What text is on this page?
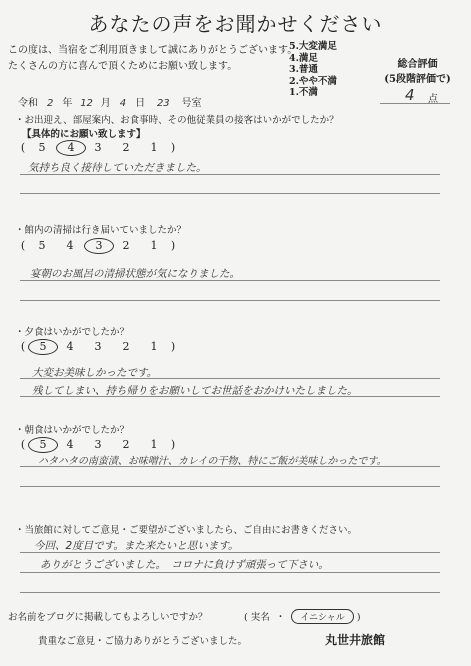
あなたの声をお聞かせください
この度は、当宿をご利用頂きまして誠にありがとうございます。
たくさんの方に喜んで頂くためにお願い致します。
5.大変満足
4.満足
3.普通
2.やや不満
1.不満
総合評価
(5段階評価で)
4 点
令和 2 年 12 月 4 日 23 号室
・お出迎え、部屋案内、お食事時、その他従業員の接客はいかがでしたか？
【具体的にお願い致します】
( 5 4 3 2 1 )
気持ち良く接待していただきました。
・館内の清掃は行き届いていましたか？
( 5 4 3 2 1 )
宴朝のお風呂の清掃状態が気になりました。
・夕食はいかがでしたか？
( 5 4 3 2 1 )
大変お美味しかったです。
残してしまい、持ち帰りをお願いしてお世話をおかけいたしました。
・朝食はいかがでしたか？
( 5 4 3 2 1 )
ハタハタの南蛮漬、お味噌汁、カレイの干物、特にご飯が美味しかったです。
・当旅館に対してご意見・ご要望がございましたら、ご自由にお書きください。
今回、2度目です。また来たいと思います。
ありがとうございました。　コロナに負けず頑張って下さい。
お名前をブログに掲載してもよろしいですか？	( 実名 ・ イニシャル )
貴重なご意見・ご協力ありがとうございました。	丸世井旅館
